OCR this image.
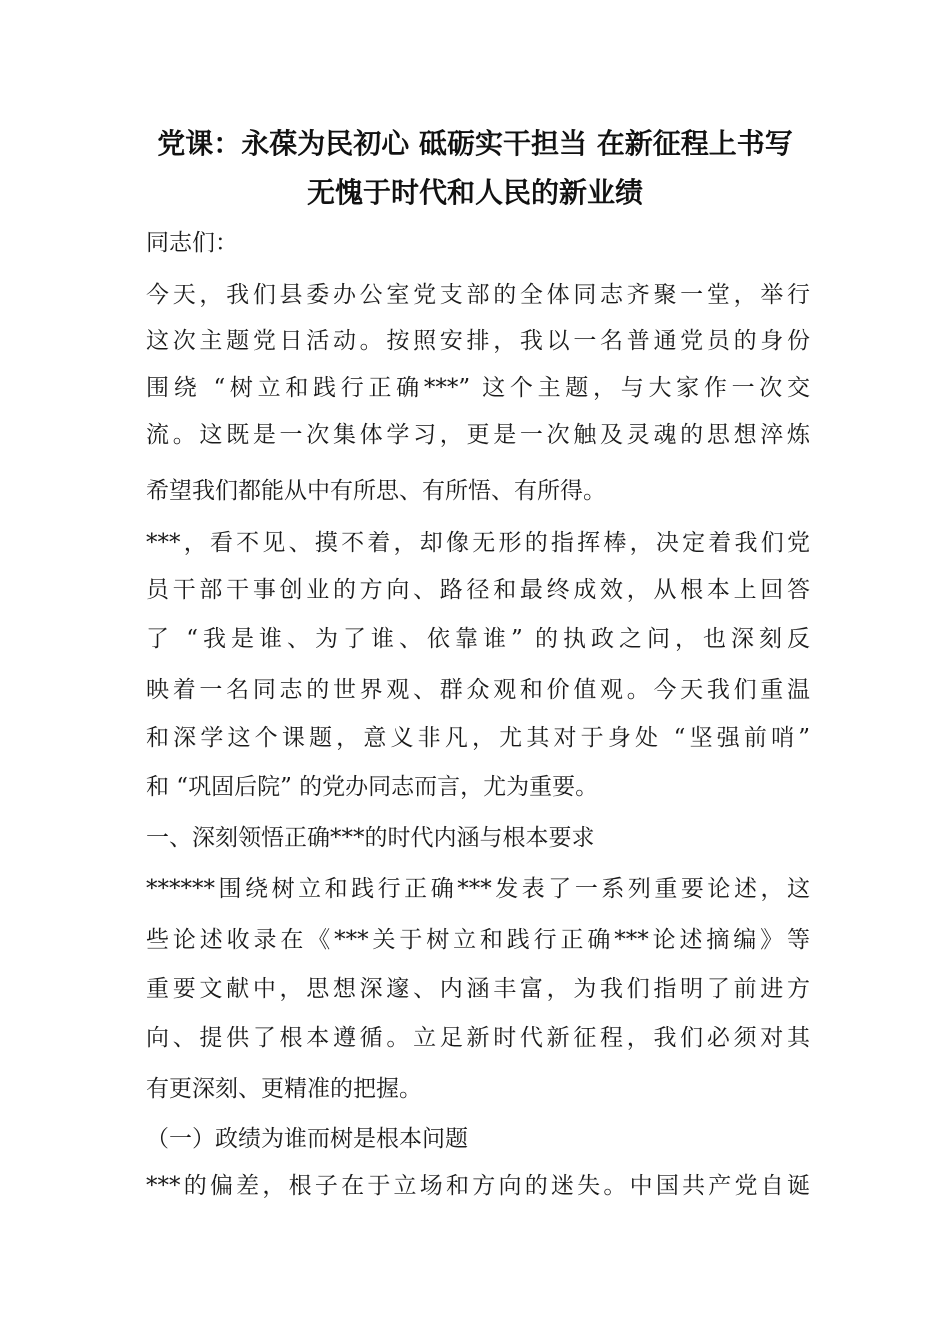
党课：永葆为民初心 砥砺实干担当 在新征程上书写
无愧于时代和人民的新业绩

同志们：

今天，我们县委办公室党支部的全体同志齐聚一堂，举行

这次主题党日活动。按照安排，我以一名普通党员的身份

围绕 “树立和践行正确***” 这个主题，与大家作一次交

流。这既是一次集体学习，更是一次触及灵魂的思想淬炼

希望我们都能从中有所思、有所悟、有所得。

***，看不见、摸不着，却像无形的指挥棒，决定着我们党

员干部干事创业的方向、路径和最终成效，从根本上回答

了 “我是谁、为了谁、依靠谁” 的执政之问，也深刻反

映着一名同志的世界观、群众观和价值观。今天我们重温

和深学这个课题，意义非凡，尤其对于身处 “坚强前哨”

和 “巩固后院” 的党办同志而言，尤为重要。

一、深刻领悟正确***的时代内涵与根本要求

******围绕树立和践行正确***发表了一系列重要论述，这

些论述收录在《***关于树立和践行正确***论述摘编》等

重要文献中，思想深邃、内涵丰富，为我们指明了前进方

向、提供了根本遵循。立足新时代新征程，我们必须对其

有更深刻、更精准的把握。

（一）政绩为谁而树是根本问题

***的偏差，根子在于立场和方向的迷失。中国共产党自诞
